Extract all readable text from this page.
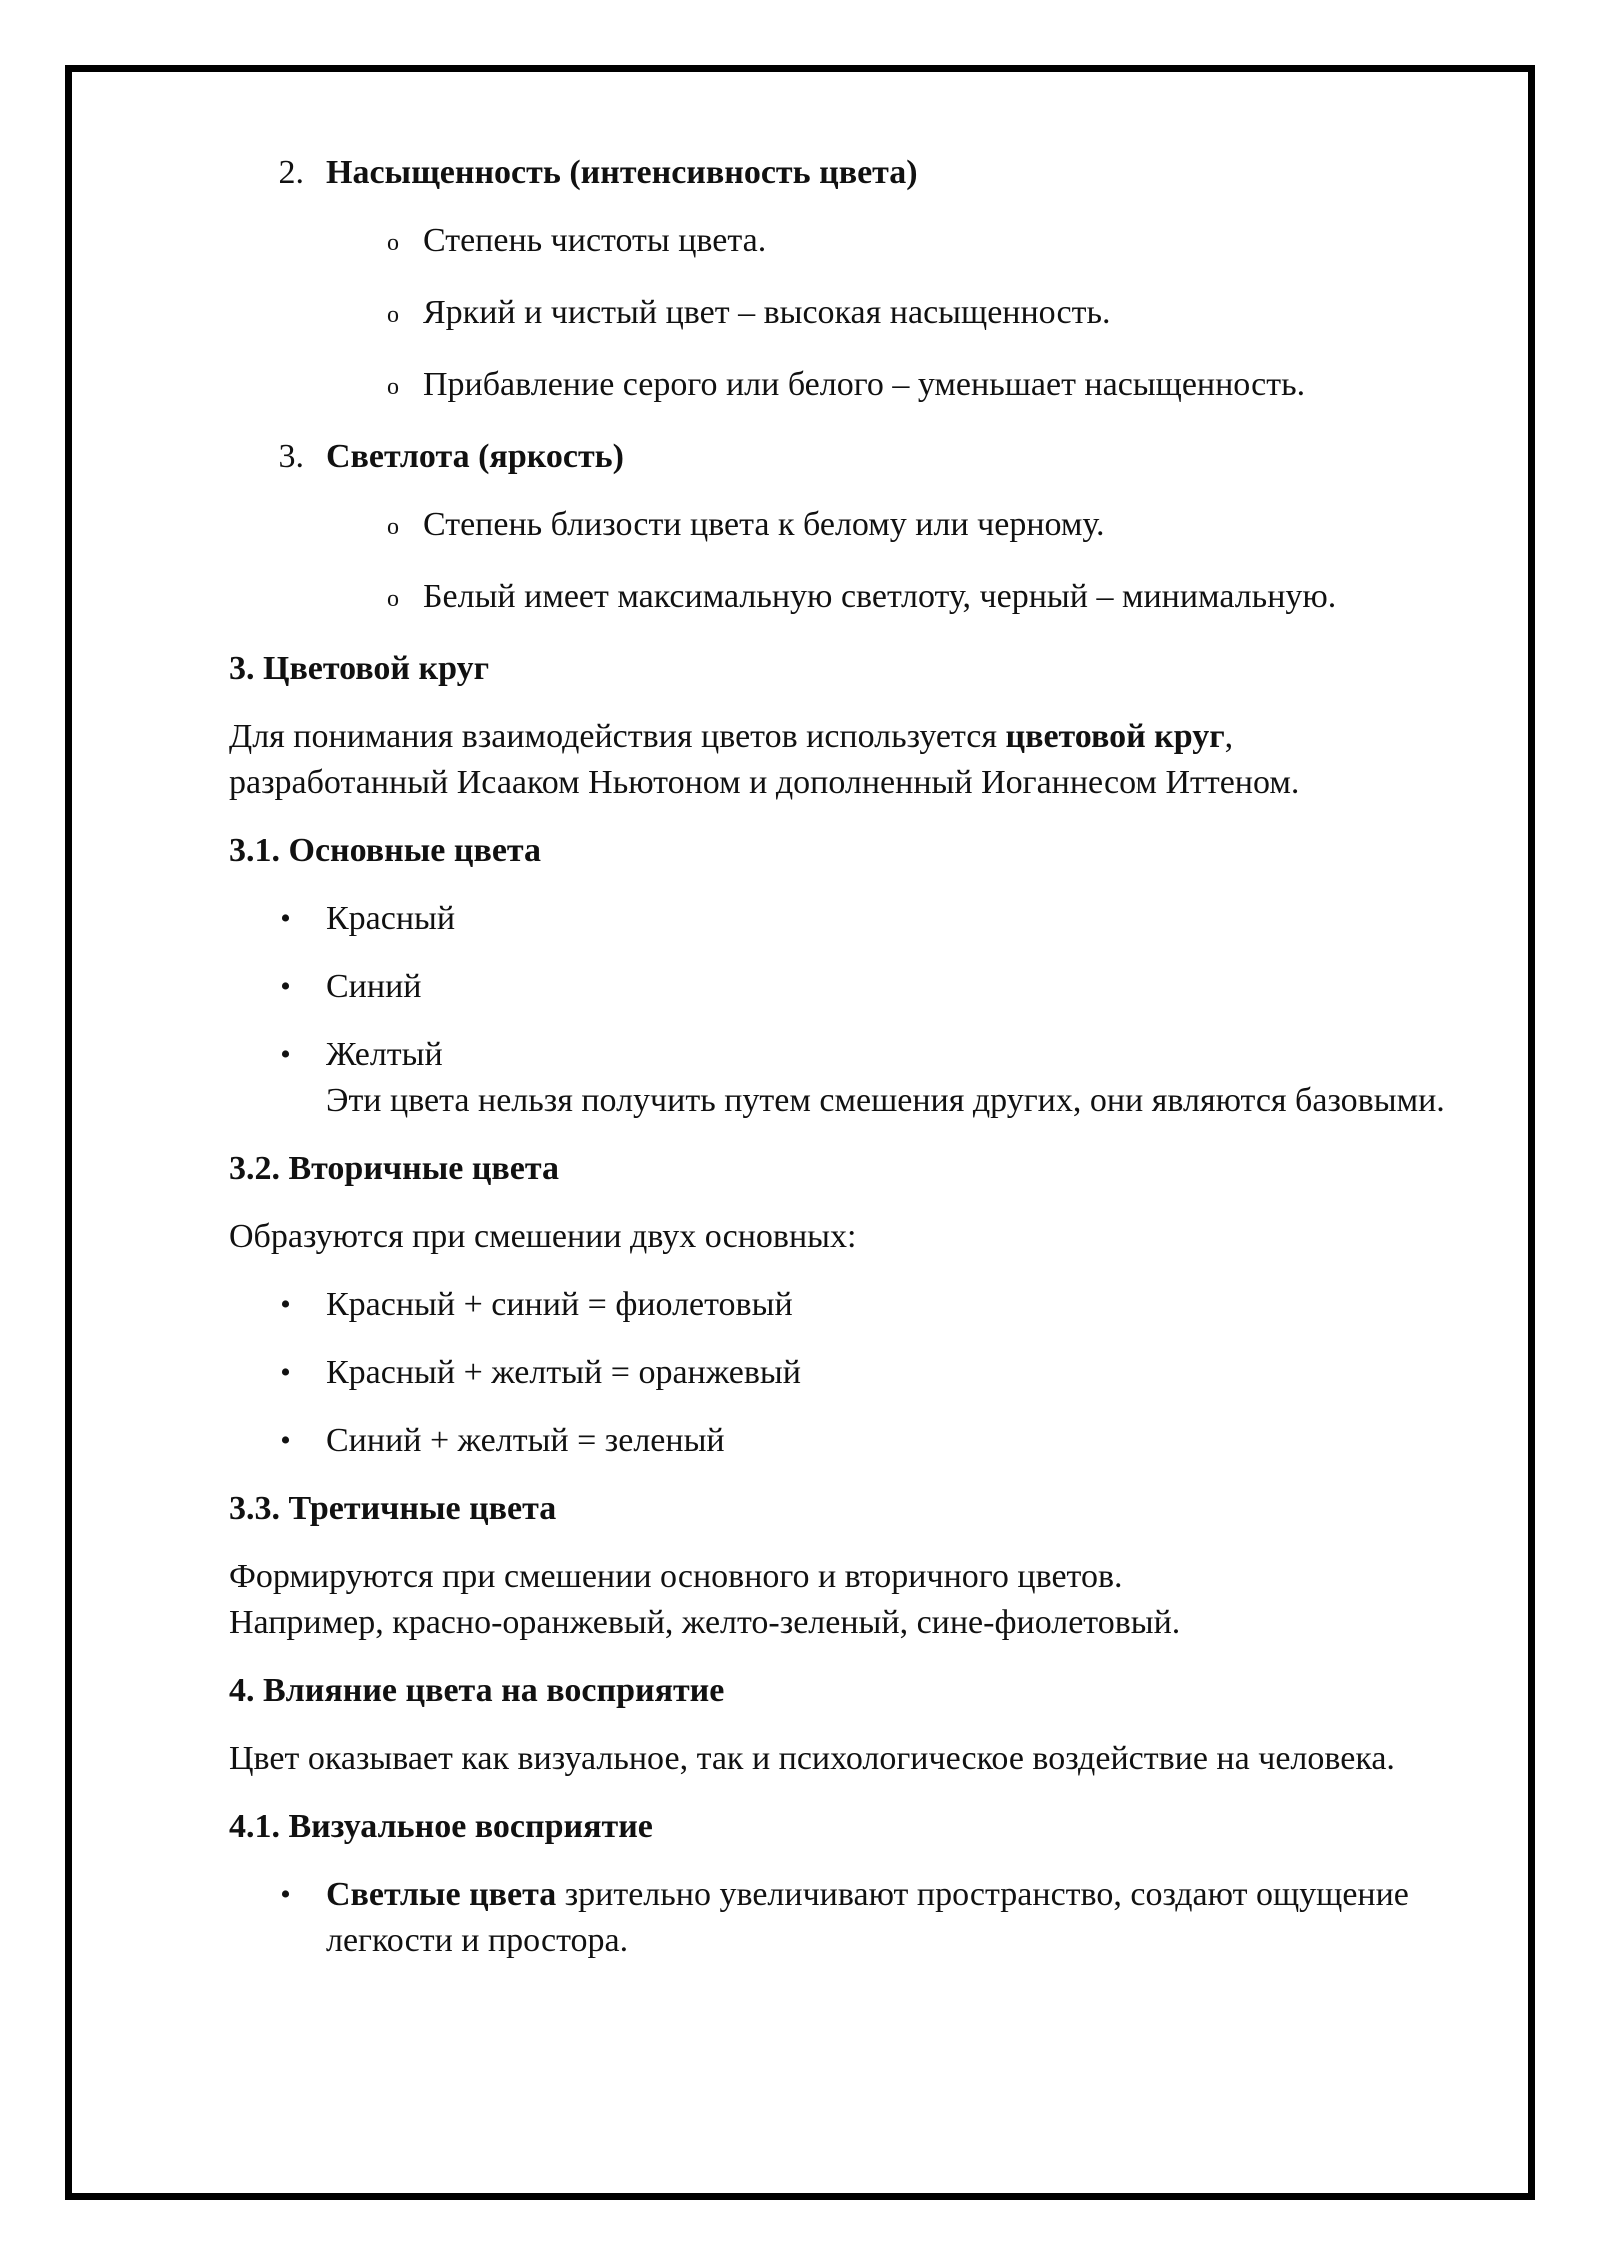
2. Насыщенность (интенсивность цвета)
o Степень чистоты цвета.
o Яркий и чистый цвет – высокая насыщенность.
o Прибавление серого или белого – уменьшает насыщенность.
3. Светлота (яркость)
o Степень близости цвета к белому или черному.
o Белый имеет максимальную светлоту, черный – минимальную.
3. Цветовой круг
Для понимания взаимодействия цветов используется цветовой круг,
разработанный Исааком Ньютоном и дополненный Иоганнесом Иттеном.
3.1. Основные цвета
•	Красный
•	Синий
•	Желтый
Эти цвета нельзя получить путем смешения других, они являются базовыми.
3.2. Вторичные цвета
Образуются при смешении двух основных:
•	Красный + синий = фиолетовый
•	Красный + желтый = оранжевый
•	Синий + желтый = зеленый
3.3. Третичные цвета
Формируются при смешении основного и вторичного цветов.
Например, красно-оранжевый, желто-зеленый, сине-фиолетовый.
4. Влияние цвета на восприятие
Цвет оказывает как визуальное, так и психологическое воздействие на человека.
4.1. Визуальное восприятие
•	Светлые цвета зрительно увеличивают пространство, создают ощущение легкости и простора.
